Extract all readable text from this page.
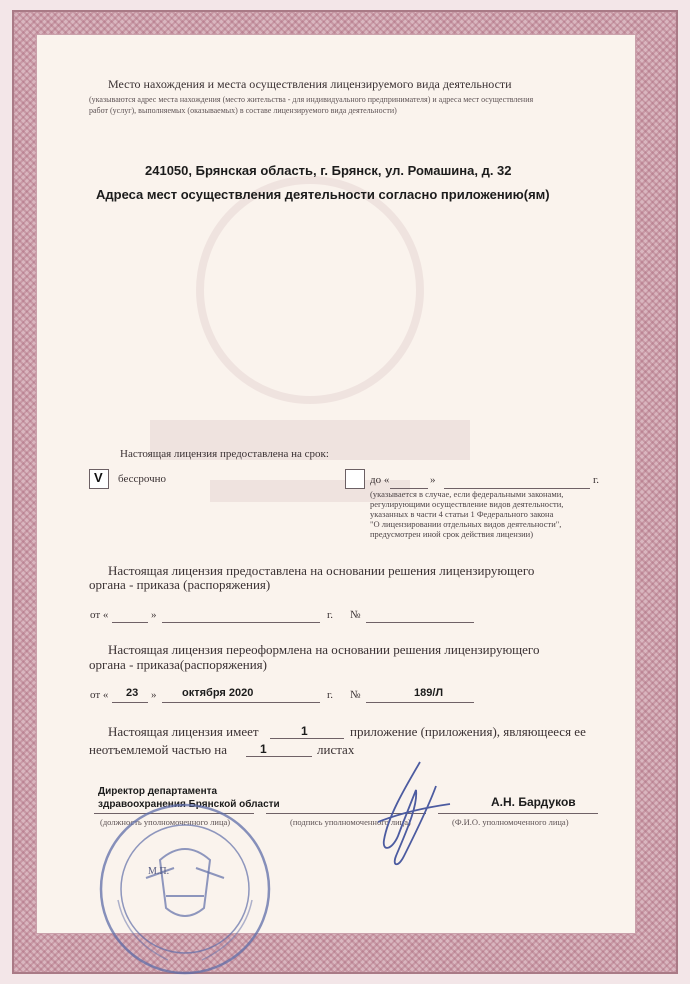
Место нахождения и места осуществления лицензируемого вида деятельности
(указываются адрес места нахождения (место жительства - для индивидуального предпринимателя) и адреса мест осуществления
работ (услуг), выполняемых (оказываемых) в составе лицензируемого вида деятельности)
241050, Брянская область, г. Брянск, ул. Ромашина, д. 32
Адреса мест осуществления деятельности согласно приложению(ям)
Настоящая лицензия предоставлена на срок:
V бессрочно	до «	»	г.
(указывается в случае, если федеральными законами,
регулирующими осуществление видов деятельности,
указанных в части 4 статьи 1 Федерального закона
"О лицензировании отдельных видов деятельности",
предусмотрен иной срок действия лицензии)
Настоящая лицензия предоставлена на основании решения лицензирующего
органа - приказа (распоряжения)
от «	»	г. №
Настоящая лицензия переоформлена на основании решения лицензирующего
органа - приказа(распоряжения)
от « 23 » октября 2020	г. №	189/Л
Настоящая лицензия имеет	1	приложение (приложения), являющееся ее
неотъемлемой частью на	1	листах
Директор департамента
здравоохранения Брянской области	А.Н. Бардуков
(должность уполномоченного лица)	(подпись уполномоченного лица)	(Ф.И.О. уполномоченного лица)
М.П.
